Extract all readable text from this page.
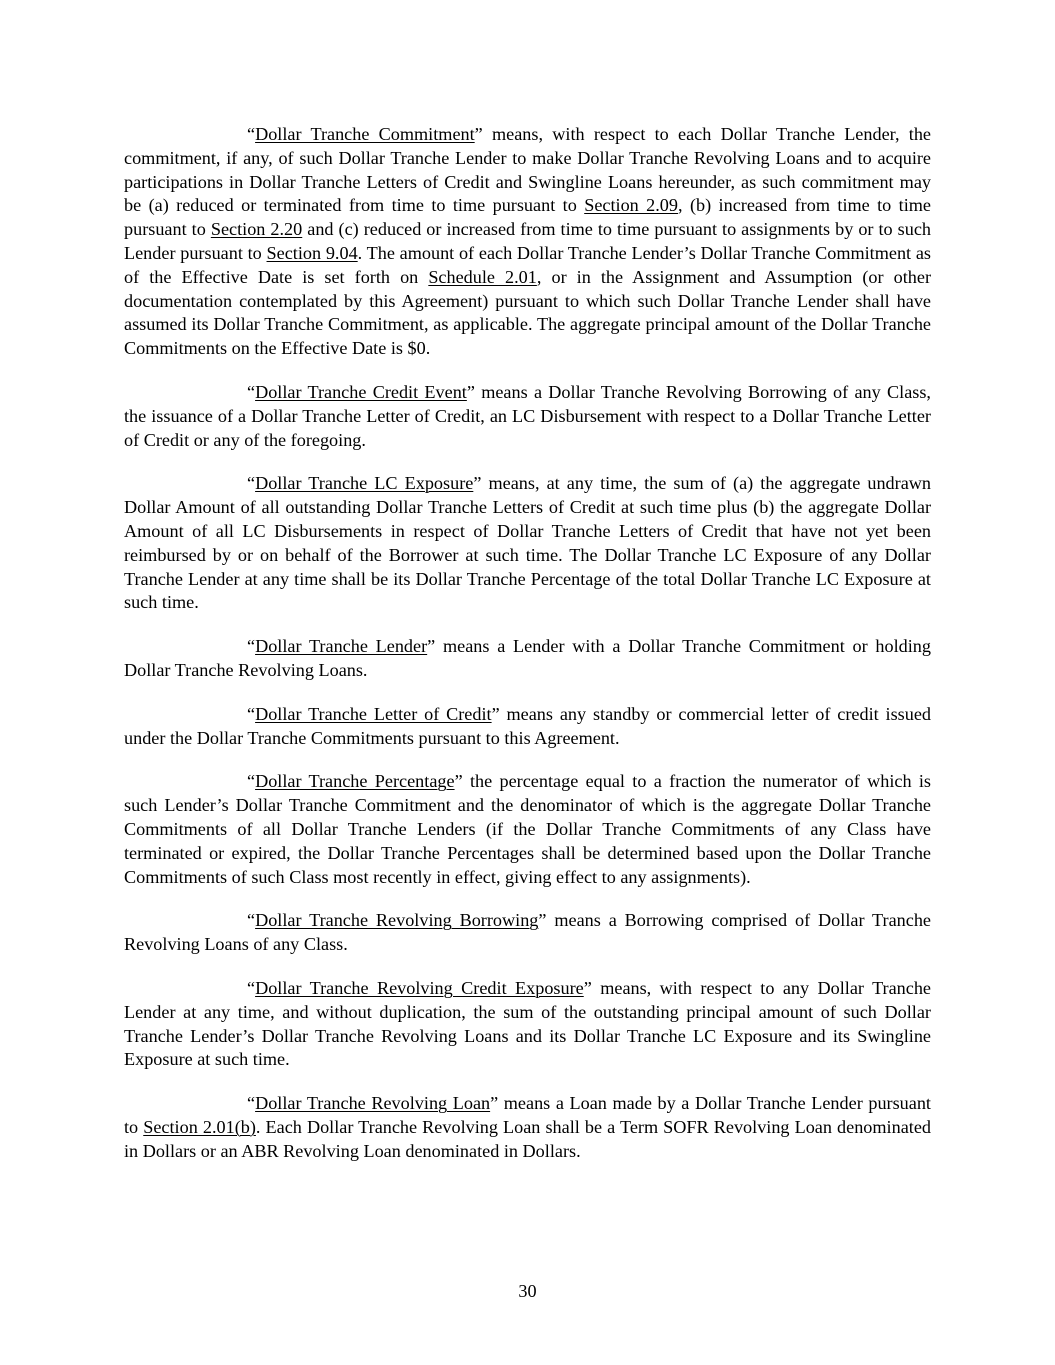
“Dollar Tranche Commitment” means, with respect to each Dollar Tranche Lender, the commitment, if any, of such Dollar Tranche Lender to make Dollar Tranche Revolving Loans and to acquire participations in Dollar Tranche Letters of Credit and Swingline Loans hereunder, as such commitment may be (a) reduced or terminated from time to time pursuant to Section 2.09, (b) increased from time to time pursuant to Section 2.20 and (c) reduced or increased from time to time pursuant to assignments by or to such Lender pursuant to Section 9.04. The amount of each Dollar Tranche Lender’s Dollar Tranche Commitment as of the Effective Date is set forth on Schedule 2.01, or in the Assignment and Assumption (or other documentation contemplated by this Agreement) pursuant to which such Dollar Tranche Lender shall have assumed its Dollar Tranche Commitment, as applicable. The aggregate principal amount of the Dollar Tranche Commitments on the Effective Date is $0.

“Dollar Tranche Credit Event” means a Dollar Tranche Revolving Borrowing of any Class, the issuance of a Dollar Tranche Letter of Credit, an LC Disbursement with respect to a Dollar Tranche Letter of Credit or any of the foregoing.

“Dollar Tranche LC Exposure” means, at any time, the sum of (a) the aggregate undrawn Dollar Amount of all outstanding Dollar Tranche Letters of Credit at such time plus (b) the aggregate Dollar Amount of all LC Disbursements in respect of Dollar Tranche Letters of Credit that have not yet been reimbursed by or on behalf of the Borrower at such time. The Dollar Tranche LC Exposure of any Dollar Tranche Lender at any time shall be its Dollar Tranche Percentage of the total Dollar Tranche LC Exposure at such time.

“Dollar Tranche Lender” means a Lender with a Dollar Tranche Commitment or holding Dollar Tranche Revolving Loans.

“Dollar Tranche Letter of Credit” means any standby or commercial letter of credit issued under the Dollar Tranche Commitments pursuant to this Agreement.

“Dollar Tranche Percentage” the percentage equal to a fraction the numerator of which is such Lender’s Dollar Tranche Commitment and the denominator of which is the aggregate Dollar Tranche Commitments of all Dollar Tranche Lenders (if the Dollar Tranche Commitments of any Class have terminated or expired, the Dollar Tranche Percentages shall be determined based upon the Dollar Tranche Commitments of such Class most recently in effect, giving effect to any assignments).

“Dollar Tranche Revolving Borrowing” means a Borrowing comprised of Dollar Tranche Revolving Loans of any Class.

“Dollar Tranche Revolving Credit Exposure” means, with respect to any Dollar Tranche Lender at any time, and without duplication, the sum of the outstanding principal amount of such Dollar Tranche Lender’s Dollar Tranche Revolving Loans and its Dollar Tranche LC Exposure and its Swingline Exposure at such time.

“Dollar Tranche Revolving Loan” means a Loan made by a Dollar Tranche Lender pursuant to Section 2.01(b). Each Dollar Tranche Revolving Loan shall be a Term SOFR Revolving Loan denominated in Dollars or an ABR Revolving Loan denominated in Dollars.

30
